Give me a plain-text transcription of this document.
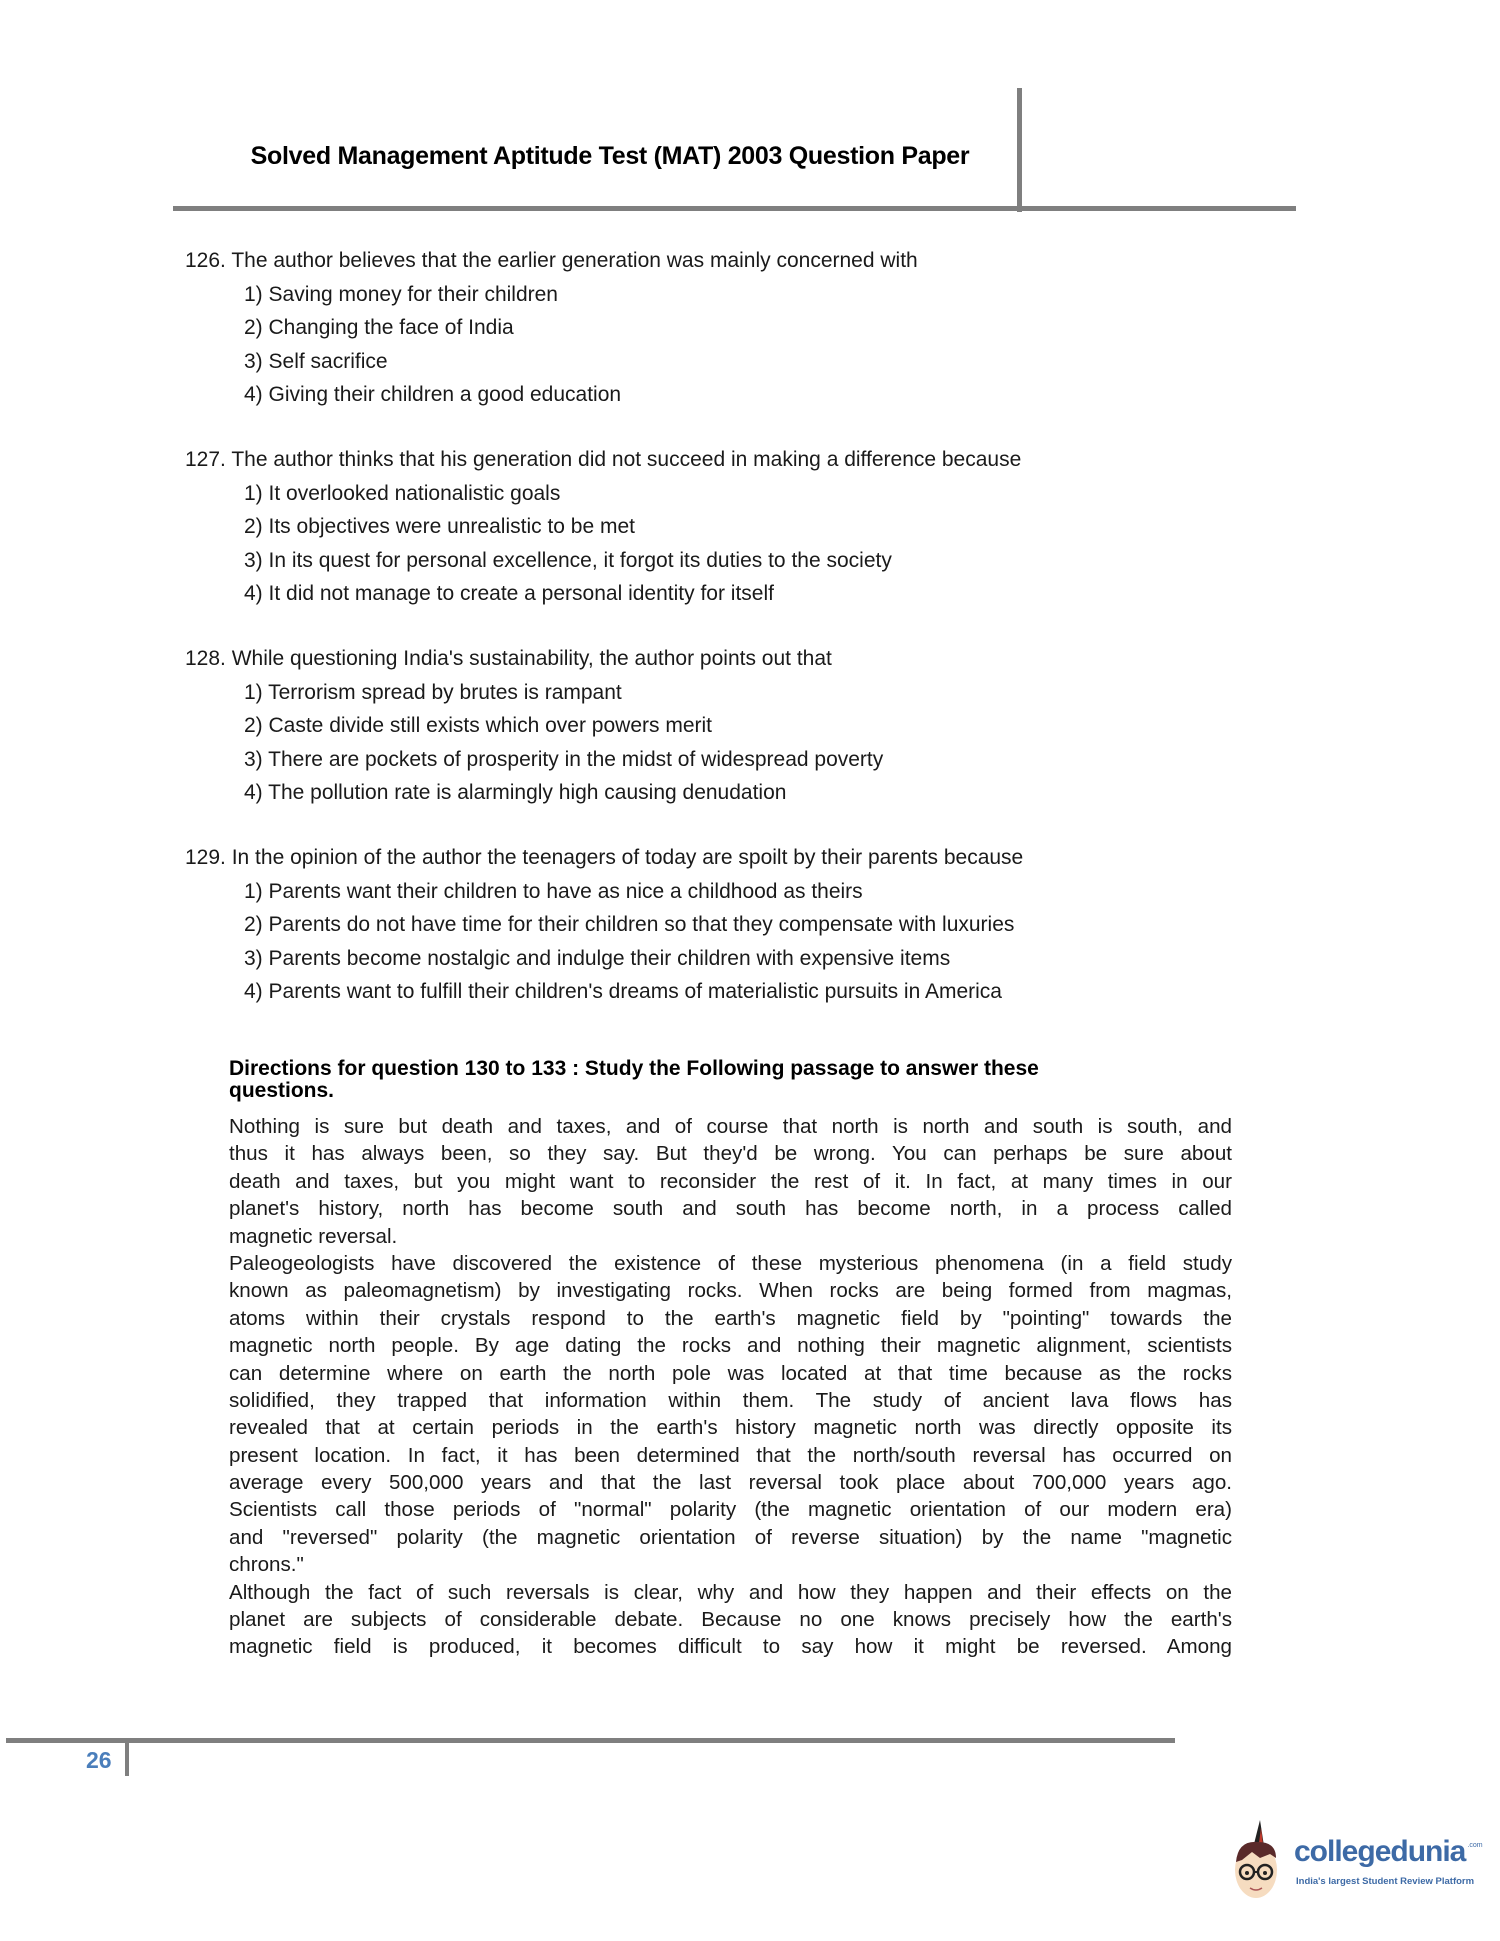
Solved Management Aptitude Test (MAT) 2003 Question Paper
126. The author believes that the earlier generation was mainly concerned with
1) Saving money for their children
2) Changing the face of India
3) Self sacrifice
4) Giving their children a good education
127. The author thinks that his generation did not succeed in making a difference because
1) It overlooked nationalistic goals
2) Its objectives were unrealistic to be met
3) In its quest for personal excellence, it forgot its duties to the society
4) It did not manage to create a personal identity for itself
128. While questioning India's sustainability, the author points out that
1) Terrorism spread by brutes is rampant
2) Caste divide still exists which over powers merit
3) There are pockets of prosperity in the midst of widespread poverty
4) The pollution rate is alarmingly high causing denudation
129. In the opinion of the author the teenagers of today are spoilt by their parents because
1) Parents want their children to have as nice a childhood as theirs
2) Parents do not have time for their children so that they compensate with luxuries
3) Parents become nostalgic and indulge their children with expensive items
4) Parents want to fulfill their children's dreams of materialistic pursuits in America
Directions for question 130 to 133 : Study the Following passage to answer these
questions.
Nothing is sure but death and taxes, and of course that north is north and south is south, and
thus it has always been, so they say. But they'd be wrong. You can perhaps be sure about
death and taxes, but you might want to reconsider the rest of it. In fact, at many times in our
planet's history, north has become south and south has become north, in a process called
magnetic reversal.
Paleogeologists have discovered the existence of these mysterious phenomena (in a field study
known as paleomagnetism) by investigating rocks. When rocks are being formed from magmas,
atoms within their crystals respond to the earth's magnetic field by "pointing" towards the
magnetic north people. By age dating the rocks and nothing their magnetic alignment, scientists
can determine where on earth the north pole was located at that time because as the rocks
solidified, they trapped that information within them. The study of ancient lava flows has
revealed that at certain periods in the earth's history magnetic north was directly opposite its
present location. In fact, it has been determined that the north/south reversal has occurred on
average every 500,000 years and that the last reversal took place about 700,000 years ago.
Scientists call those periods of "normal" polarity (the magnetic orientation of our modern era)
and "reversed" polarity (the magnetic orientation of reverse situation) by the name "magnetic
chrons."
Although the fact of such reversals is clear, why and how they happen and their effects on the
planet are subjects of considerable debate. Because no one knows precisely how the earth's
magnetic field is produced, it becomes difficult to say how it might be reversed. Among
26
collegedunia .com
India's largest Student Review Platform
